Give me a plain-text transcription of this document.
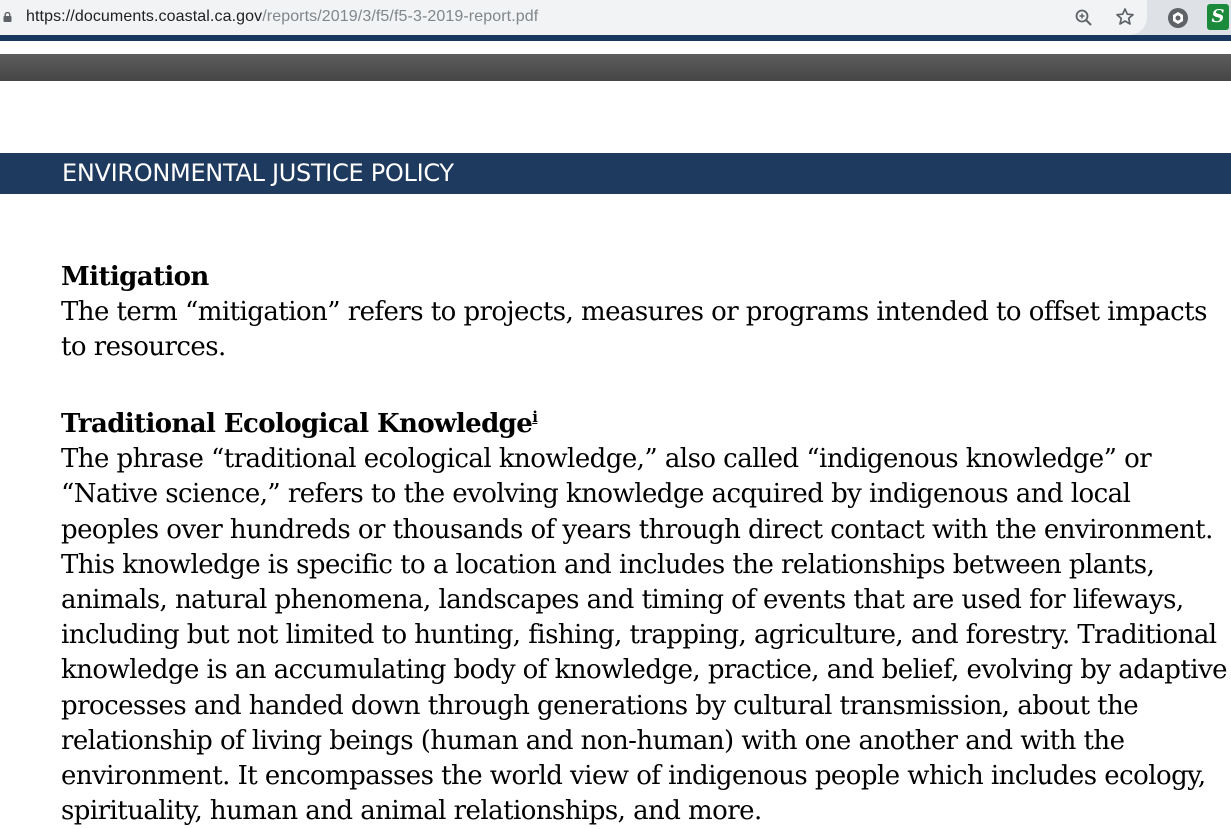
https://documents.coastal.ca.gov/reports/2019/3/f5/f5-3-2019-report.pdf	S
ENVIRONMENTAL JUSTICE POLICY
Mitigation
The term “mitigation” refers to projects, measures or programs intended to offset impacts
to resources.
Traditional Ecological Knowledge$^i$
The phrase “traditional ecological knowledge,” also called “indigenous knowledge” or
“Native science,” refers to the evolving knowledge acquired by indigenous and local
peoples over hundreds or thousands of years through direct contact with the environment.
This knowledge is specific to a location and includes the relationships between plants,
animals, natural phenomena, landscapes and timing of events that are used for lifeways,
including but not limited to hunting, fishing, trapping, agriculture, and forestry. Traditional
knowledge is an accumulating body of knowledge, practice, and belief, evolving by adaptive
processes and handed down through generations by cultural transmission, about the
relationship of living beings (human and non-human) with one another and with the
environment. It encompasses the world view of indigenous people which includes ecology,
spirituality, human and animal relationships, and more.
